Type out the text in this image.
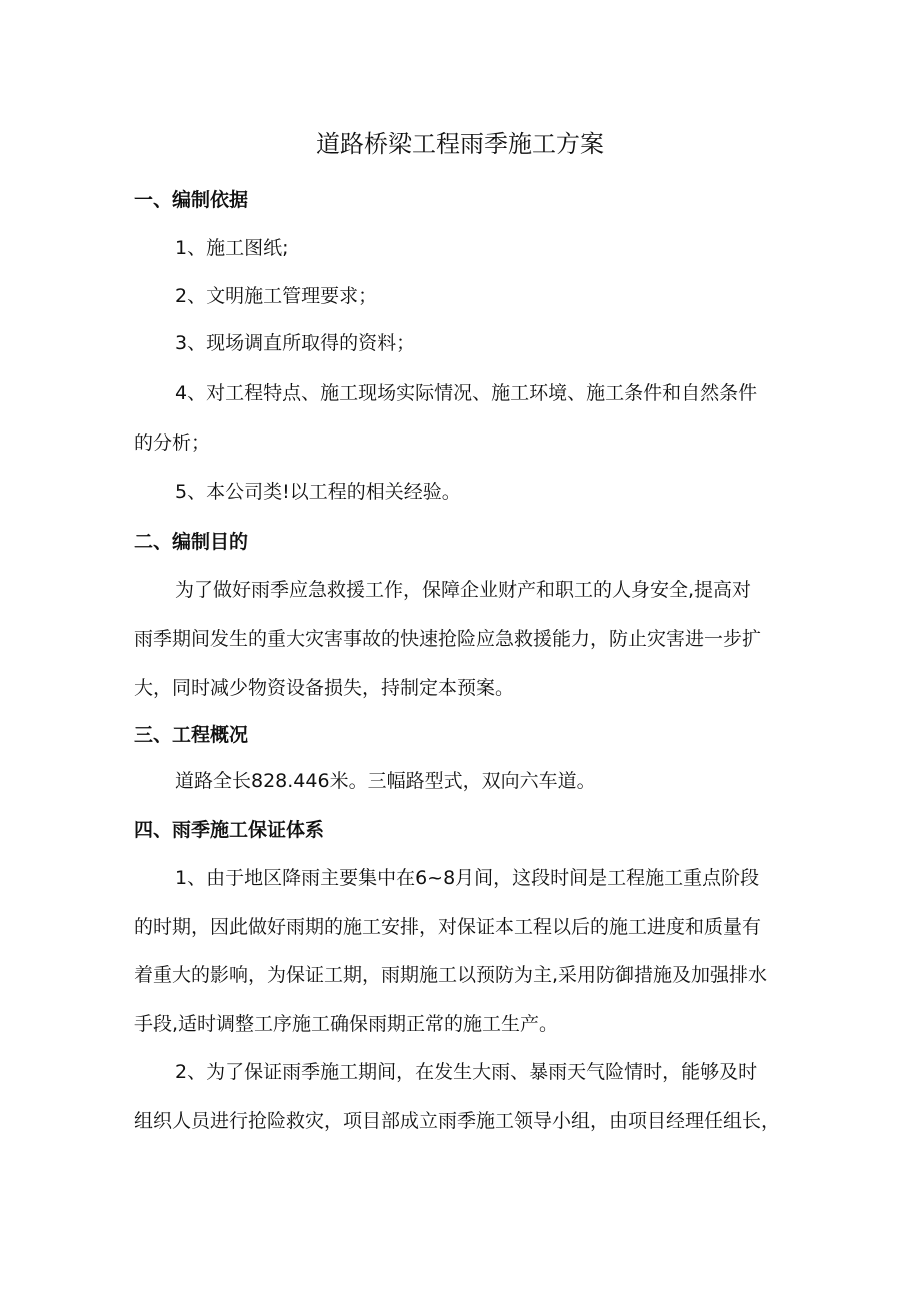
道路桥梁工程雨季施工方案
一、编制依据
1、施工图纸;
2、文明施工管理要求；
3、现场调直所取得的资料；
4、对工程特点、施工现场实际情况、施工环境、施工条件和自然条件
的分析；
5、本公司类!以工程的相关经验。
二、编制目的
为了做好雨季应急救援工作，保障企业财产和职工的人身安全,提高对
雨季期间发生的重大灾害事故的快速抢险应急救援能力，防止灾害进一步扩
大，同时减少物资设备损失，持制定本预案。
三、工程概况
道路全长828.446米。三幅路型式，双向六车道。
四、雨季施工保证体系
1、由于地区降雨主要集中在6~8月间，这段时间是工程施工重点阶段
的时期，因此做好雨期的施工安排，对保证本工程以后的施工进度和质量有
着重大的影响，为保证工期，雨期施工以预防为主,采用防御措施及加强排水
手段,适时调整工序施工确保雨期正常的施工生产。
2、为了保证雨季施工期间，在发生大雨、暴雨天气险情时，能够及时
组织人员进行抢险救灾，项目部成立雨季施工领导小组，由项目经理任组长，
